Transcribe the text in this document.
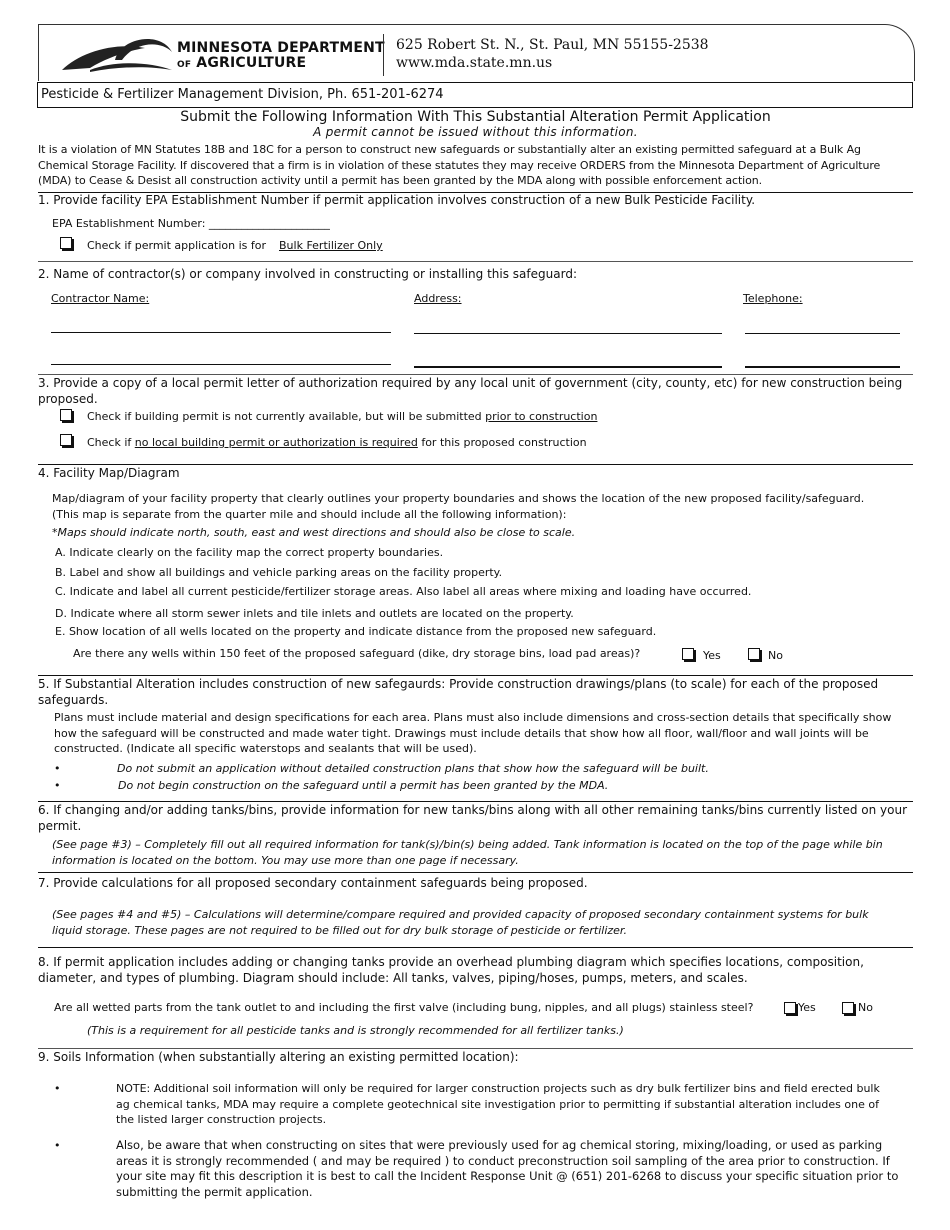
MINNESOTA DEPARTMENT
OF AGRICULTURE
625 Robert St. N., St. Paul, MN 55155-2538
www.mda.state.mn.us
Pesticide & Fertilizer Management Division, Ph. 651-201-6274
Submit the Following Information With This Substantial Alteration Permit Application
A permit cannot be issued without this information.
It is a violation of MN Statutes 18B and 18C for a person to construct new safeguards or substantially alter an existing permitted safeguard at a Bulk Ag Chemical Storage Facility. If discovered that a firm is in violation of these statutes they may receive ORDERS from the Minnesota Department of Agriculture (MDA) to Cease & Desist all construction activity until a permit has been granted by the MDA along with possible enforcement action.
1. Provide facility EPA Establishment Number if permit application involves construction of a new Bulk Pesticide Facility.
EPA Establishment Number: ______________________
Check if permit application is for Bulk Fertilizer Only
2. Name of contractor(s) or company involved in constructing or installing this safeguard:
Contractor Name:	Address:	Telephone:
3. Provide a copy of a local permit letter of authorization required by any local unit of government (city, county, etc) for new construction being proposed.
Check if building permit is not currently available, but will be submitted prior to construction
Check if no local building permit or authorization is required for this proposed construction
4. Facility Map/Diagram
Map/diagram of your facility property that clearly outlines your property boundaries and shows the location of the new proposed facility/safeguard. (This map is separate from the quarter mile and should include all the following information):
*Maps should indicate north, south, east and west directions and should also be close to scale.
A. Indicate clearly on the facility map the correct property boundaries.
B. Label and show all buildings and vehicle parking areas on the facility property.
C. Indicate and label all current pesticide/fertilizer storage areas. Also label all areas where mixing and loading have occurred.
D. Indicate where all storm sewer inlets and tile inlets and outlets are located on the property.
E. Show location of all wells located on the property and indicate distance from the proposed new safeguard.
Are there any wells within 150 feet of the proposed safeguard (dike, dry storage bins, load pad areas)?	Yes	No
5. If Substantial Alteration includes construction of new safegaurds: Provide construction drawings/plans (to scale) for each of the proposed safeguards.
Plans must include material and design specifications for each area. Plans must also include dimensions and cross-section details that specifically show how the safeguard will be constructed and made water tight. Drawings must include details that show how all floor, wall/floor and wall joints will be constructed. (Indicate all specific waterstops and sealants that will be used).
•	Do not submit an application without detailed construction plans that show how the safeguard will be built.
•	Do not begin construction on the safeguard until a permit has been granted by the MDA.
6. If changing and/or adding tanks/bins, provide information for new tanks/bins along with all other remaining tanks/bins currently listed on your permit.
(See page #3) – Completely fill out all required information for tank(s)/bin(s) being added. Tank information is located on the top of the page while bin information is located on the bottom. You may use more than one page if necessary.
7. Provide calculations for all proposed secondary containment safeguards being proposed.
(See pages #4 and #5) – Calculations will determine/compare required and provided capacity of proposed secondary containment systems for bulk liquid storage. These pages are not required to be filled out for dry bulk storage of pesticide or fertilizer.
8. If permit application includes adding or changing tanks provide an overhead plumbing diagram which specifies locations, composition, diameter, and types of plumbing. Diagram should include: All tanks, valves, piping/hoses, pumps, meters, and scales.
Are all wetted parts from the tank outlet to and including the first valve (including bung, nipples, and all plugs) stainless steel?	Yes	No
(This is a requirement for all pesticide tanks and is strongly recommended for all fertilizer tanks.)
9. Soils Information (when substantially altering an existing permitted location):
•	NOTE: Additional soil information will only be required for larger construction projects such as dry bulk fertilizer bins and field erected bulk ag chemical tanks, MDA may require a complete geotechnical site investigation prior to permitting if substantial alteration includes one of the listed larger construction projects.
•	Also, be aware that when constructing on sites that were previously used for ag chemical storing, mixing/loading, or used as parking areas it is strongly recommended ( and may be required ) to conduct preconstruction soil sampling of the area prior to construction. If your site may fit this description it is best to call the Incident Response Unit @ (651) 201-6268 to discuss your specific situation prior to submitting the permit application.
